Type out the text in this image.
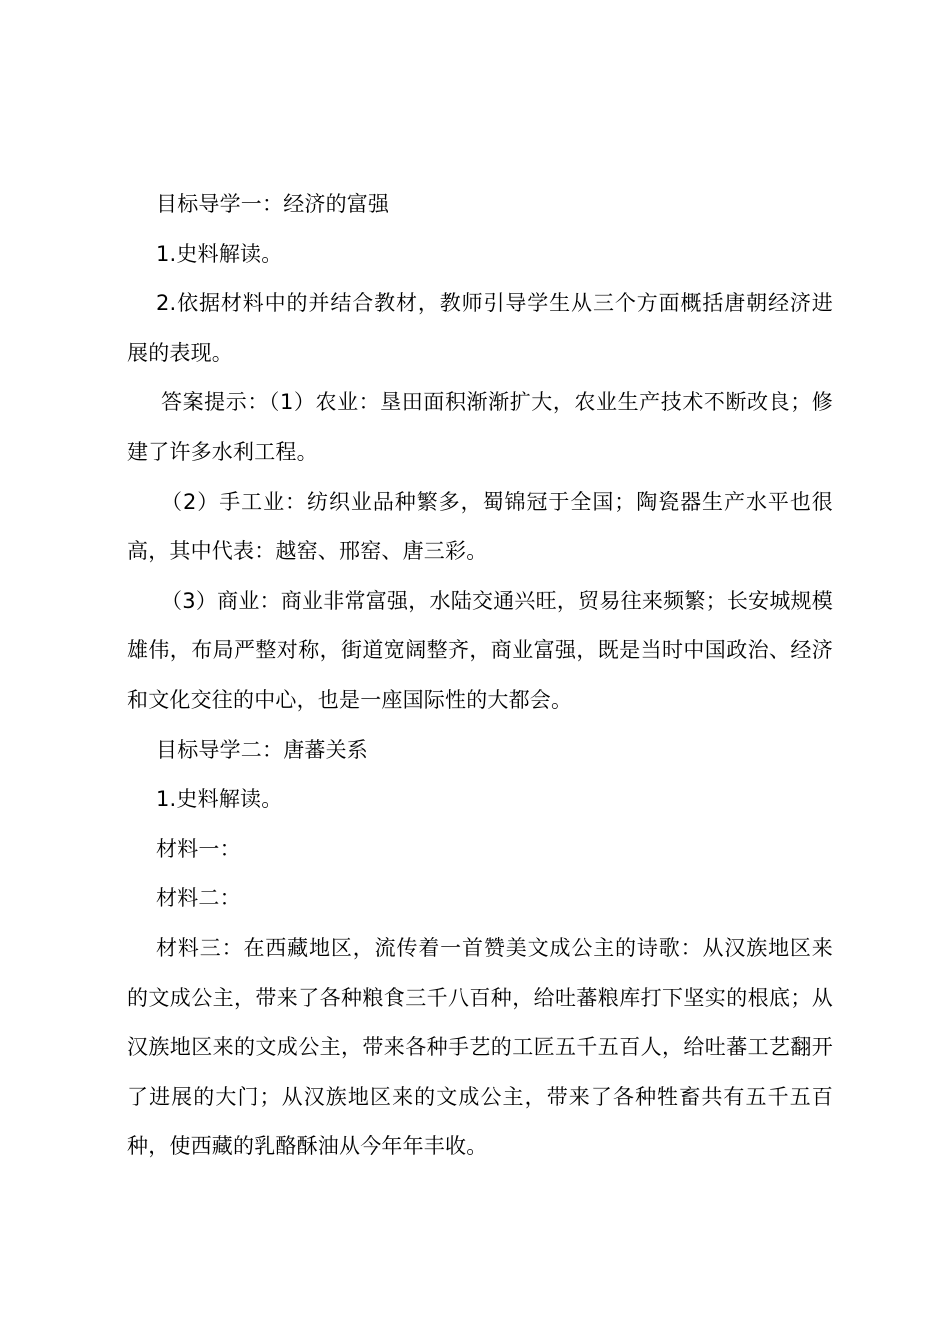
目标导学一：经济的富强

1.史料解读。

2.依据材料中的并结合教材，教师引导学生从三个方面概括唐朝经济进展的表现。

答案提示：（1）农业：垦田面积渐渐扩大，农业生产技术不断改良；修建了许多水利工程。

（2）手工业：纺织业品种繁多，蜀锦冠于全国；陶瓷器生产水平也很高，其中代表：越窑、邢窑、唐三彩。

（3）商业：商业非常富强，水陆交通兴旺，贸易往来频繁；长安城规模雄伟，布局严整对称，街道宽阔整齐，商业富强，既是当时中国政治、经济和文化交往的中心，也是一座国际性的大都会。

目标导学二：唐蕃关系

1.史料解读。

材料一：

材料二：

材料三：在西藏地区，流传着一首赞美文成公主的诗歌：从汉族地区来的文成公主，带来了各种粮食三千八百种，给吐蕃粮库打下坚实的根底；从汉族地区来的文成公主，带来各种手艺的工匠五千五百人，给吐蕃工艺翻开了进展的大门；从汉族地区来的文成公主，带来了各种牲畜共有五千五百种，使西藏的乳酪酥油从今年年丰收。
